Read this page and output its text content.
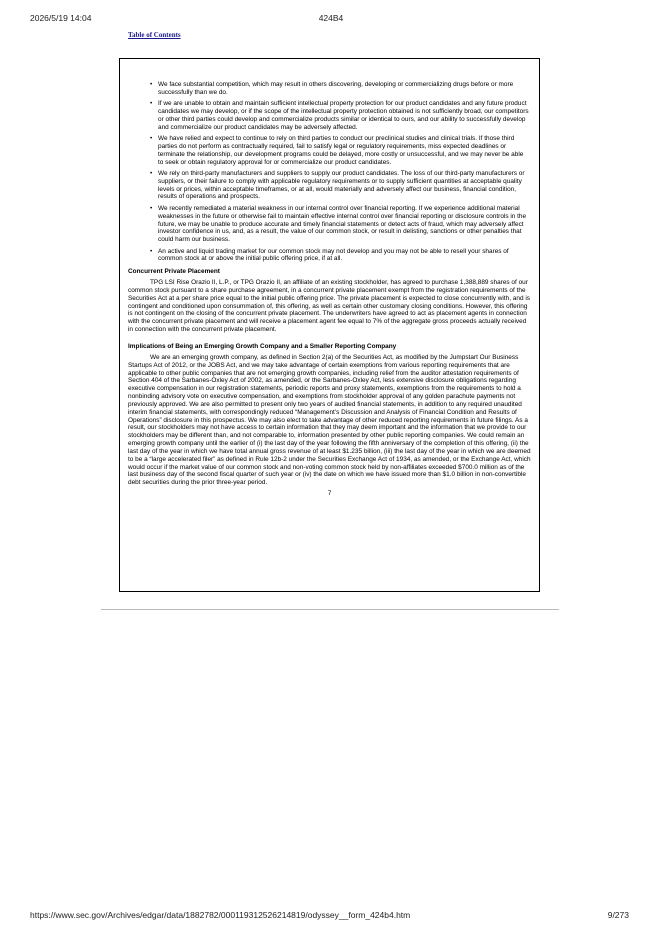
2026/5/19 14:04	424B4
Table of Contents
• We face substantial competition, which may result in others discovering, developing or commercializing drugs before or more successfully than we do.
• If we are unable to obtain and maintain sufficient intellectual property protection for our product candidates and any future product candidates we may develop, or if the scope of the intellectual property protection obtained is not sufficiently broad, our competitors or other third parties could develop and commercialize products similar or identical to ours, and our ability to successfully develop and commercialize our product candidates may be adversely affected.
• We have relied and expect to continue to rely on third parties to conduct our preclinical studies and clinical trials. If those third parties do not perform as contractually required, fail to satisfy legal or regulatory requirements, miss expected deadlines or terminate the relationship, our development programs could be delayed, more costly or unsuccessful, and we may never be able to seek or obtain regulatory approval for or commercialize our product candidates.
• We rely on third-party manufacturers and suppliers to supply our product candidates. The loss of our third-party manufacturers or suppliers, or their failure to comply with applicable regulatory requirements or to supply sufficient quantities at acceptable quality levels or prices, within acceptable timeframes, or at all, would materially and adversely affect our business, financial condition, results of operations and prospects.
• We recently remediated a material weakness in our internal control over financial reporting. If we experience additional material weaknesses in the future or otherwise fail to maintain effective internal control over financial reporting or disclosure controls in the future, we may be unable to produce accurate and timely financial statements or detect acts of fraud, which may adversely affect investor confidence in us, and, as a result, the value of our common stock, or result in delisting, sanctions or other penalties that could harm our business.
• An active and liquid trading market for our common stock may not develop and you may not be able to resell your shares of common stock at or above the initial public offering price, if at all.
Concurrent Private Placement

TPG LSI Rise Orazio II, L.P., or TPG Orazio II, an affiliate of an existing stockholder, has agreed to purchase 1,388,889 shares of our common stock pursuant to a share purchase agreement, in a concurrent private placement exempt from the registration requirements of the Securities Act at a per share price equal to the initial public offering price. The private placement is expected to close concurrently with, and is contingent and conditioned upon consummation of, this offering, as well as certain other customary closing conditions. However, this offering is not contingent on the closing of the concurrent private placement. The underwriters have agreed to act as placement agents in connection with the concurrent private placement and will receive a placement agent fee equal to 7% of the aggregate gross proceeds actually received in connection with the concurrent private placement.

Implications of Being an Emerging Growth Company and a Smaller Reporting Company

We are an emerging growth company, as defined in Section 2(a) of the Securities Act, as modified by the Jumpstart Our Business Startups Act of 2012, or the JOBS Act, and we may take advantage of certain exemptions from various reporting requirements that are applicable to other public companies that are not emerging growth companies, including relief from the auditor attestation requirements of Section 404 of the Sarbanes-Oxley Act of 2002, as amended, or the Sarbanes-Oxley Act, less extensive disclosure obligations regarding executive compensation in our registration statements, periodic reports and proxy statements, exemptions from the requirements to hold a nonbinding advisory vote on executive compensation, and exemptions from stockholder approval of any golden parachute payments not previously approved. We are also permitted to present only two years of audited financial statements, in addition to any required unaudited interim financial statements, with correspondingly reduced “Management’s Discussion and Analysis of Financial Condition and Results of Operations” disclosure in this prospectus. We may also elect to take advantage of other reduced reporting requirements in future filings. As a result, our stockholders may not have access to certain information that they may deem important and the information that we provide to our stockholders may be different than, and not comparable to, information presented by other public reporting companies. We could remain an emerging growth company until the earlier of (i) the last day of the year following the fifth anniversary of the completion of this offering, (ii) the last day of the year in which we have total annual gross revenue of at least $1.235 billion, (iii) the last day of the year in which we are deemed to be a “large accelerated filer” as defined in Rule 12b-2 under the Securities Exchange Act of 1934, as amended, or the Exchange Act, which would occur if the market value of our common stock and non-voting common stock held by non-affiliates exceeded $700.0 million as of the last business day of the second fiscal quarter of such year or (iv) the date on which we have issued more than $1.0 billion in non-convertible debt securities during the prior three-year period.

7
https://www.sec.gov/Archives/edgar/data/1882782/000119312526214819/odyssey__form_424b4.htm	9/273
